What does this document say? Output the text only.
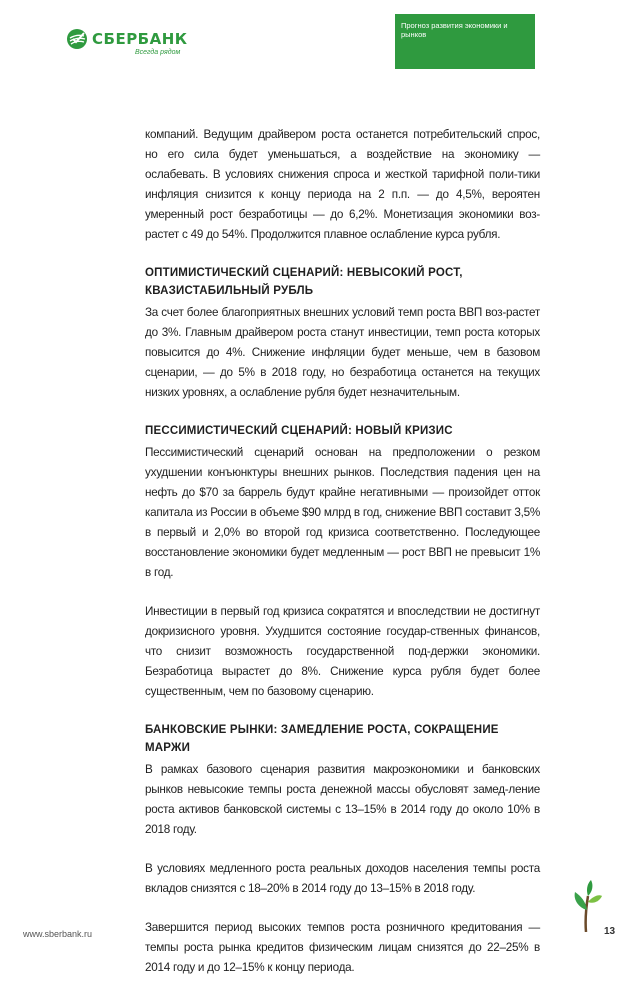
СБЕРБАНК
Всегда рядом
Прогноз развития экономики и рынков

компаний. Ведущим драйвером роста останется потребительский спрос, но его сила будет уменьшаться, а воздействие на экономику — ослабевать. В условиях снижения спроса и жесткой тарифной поли-тики инфляция снизится к концу периода на 2 п.п. — до 4,5%, вероятен умеренный рост безработицы — до 6,2%. Монетизация экономики воз-растет с 49 до 54%. Продолжится плавное ослабление курса рубля.

ОПТИМИСТИЧЕСКИЙ СЦЕНАРИЙ: НЕВЫСОКИЙ РОСТ, КВАЗИСТАБИЛЬНЫЙ РУБЛЬ

За счет более благоприятных внешних условий темп роста ВВП воз-растет до 3%. Главным драйвером роста станут инвестиции, темп роста которых повысится до 4%. Снижение инфляции будет меньше, чем в базовом сценарии, — до 5% в 2018 году, но безработица останется на текущих низких уровнях, а ослабление рубля будет незначительным.

ПЕССИМИСТИЧЕСКИЙ СЦЕНАРИЙ: НОВЫЙ КРИЗИС

Пессимистический сценарий основан на предположении о резком ухудшении конъюнктуры внешних рынков. Последствия падения цен на нефть до $70 за баррель будут крайне негативными — произойдет отток капитала из России в объеме $90 млрд в год, снижение ВВП составит 3,5% в первый и 2,0% во второй год кризиса соответственно. Последующее восстановление экономики будет медленным — рост ВВП не превысит 1% в год.

Инвестиции в первый год кризиса сократятся и впоследствии не достигнут докризисного уровня. Ухудшится состояние государ-ственных финансов, что снизит возможность государственной под-держки экономики. Безработица вырастет до 8%. Снижение курса рубля будет более существенным, чем по базовому сценарию.

БАНКОВСКИЕ РЫНКИ: ЗАМЕДЛЕНИЕ РОСТА, СОКРАЩЕНИЕ МАРЖИ

В рамках базового сценария развития макроэкономики и банковских рынков невысокие темпы роста денежной массы обусловят замед-ление роста активов банковской системы с 13–15% в 2014 году до около 10% в 2018 году.

В условиях медленного роста реальных доходов населения темпы роста вкладов снизятся с 18–20% в 2014 году до 13–15% в 2018 году.

Завершится период высоких темпов роста розничного кредитования — темпы роста рынка кредитов физическим лицам снизятся до 22–25% в 2014 году и до 12–15% к концу периода.

www.sberbank.ru	13
